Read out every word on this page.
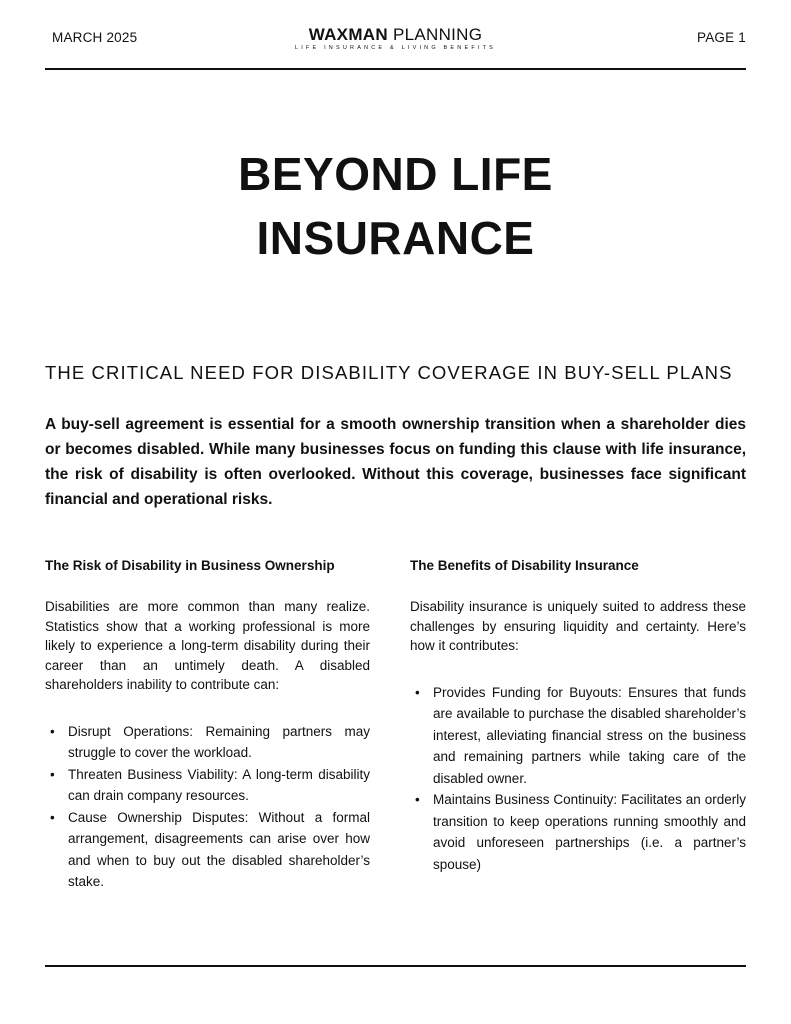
MARCH 2025	WAXMAN PLANNING
LIFE INSURANCE & LIVING BENEFITS
PAGE 1
BEYOND LIFE
INSURANCE
THE CRITICAL NEED FOR DISABILITY COVERAGE IN BUY-SELL PLANS
A buy-sell agreement is essential for a smooth ownership transition when a shareholder dies or becomes disabled. While many businesses focus on funding this clause with life insurance, the risk of disability is often overlooked. Without this coverage, businesses face significant financial and operational risks.
The Risk of Disability in Business Ownership

Disabilities are more common than many realize. Statistics show that a working professional is more likely to experience a long-term disability during their career than an untimely death. A disabled shareholders inability to contribute can:

• Disrupt Operations: Remaining partners may struggle to cover the workload.
• Threaten Business Viability: A long-term disability can drain company resources.
• Cause Ownership Disputes: Without a formal arrangement, disagreements can arise over how and when to buy out the disabled shareholder’s stake.
The Benefits of Disability Insurance

Disability insurance is uniquely suited to address these challenges by ensuring liquidity and certainty. Here’s how it contributes:

• Provides Funding for Buyouts: Ensures that funds are available to purchase the disabled shareholder’s interest, alleviating financial stress on the business and remaining partners while taking care of the disabled owner.
• Maintains Business Continuity: Facilitates an orderly transition to keep operations running smoothly and avoid unforeseen partnerships (i.e. a partner’s spouse)
